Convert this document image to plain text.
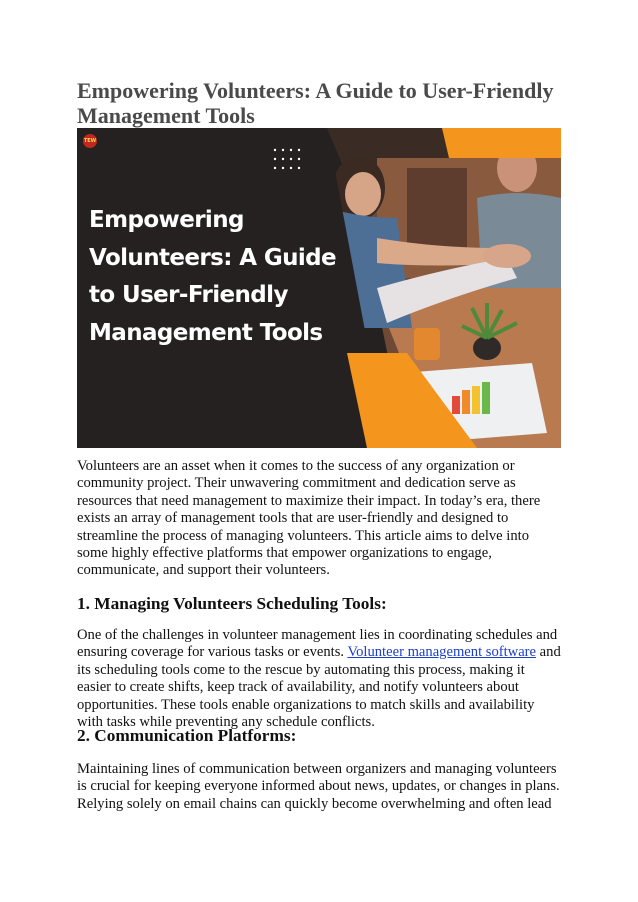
Empowering Volunteers: A Guide to User-Friendly Management Tools
TEW
Empowering
Volunteers: A Guide
to User-Friendly
Management Tools

Volunteers are an asset when it comes to the success of any organization or community project. Their unwavering commitment and dedication serve as resources that need management to maximize their impact. In today’s era, there exists an array of management tools that are user-friendly and designed to streamline the process of managing volunteers. This article aims to delve into some highly effective platforms that empower organizations to engage, communicate, and support their volunteers.

1. Managing Volunteers Scheduling Tools:

One of the challenges in volunteer management lies in coordinating schedules and ensuring coverage for various tasks or events. Volunteer management software and its scheduling tools come to the rescue by automating this process, making it easier to create shifts, keep track of availability, and notify volunteers about opportunities. These tools enable organizations to match skills and availability with tasks while preventing any schedule conflicts.

2. Communication Platforms:

Maintaining lines of communication between organizers and managing volunteers is crucial for keeping everyone informed about news, updates, or changes in plans. Relying solely on email chains can quickly become overwhelming and often lead
